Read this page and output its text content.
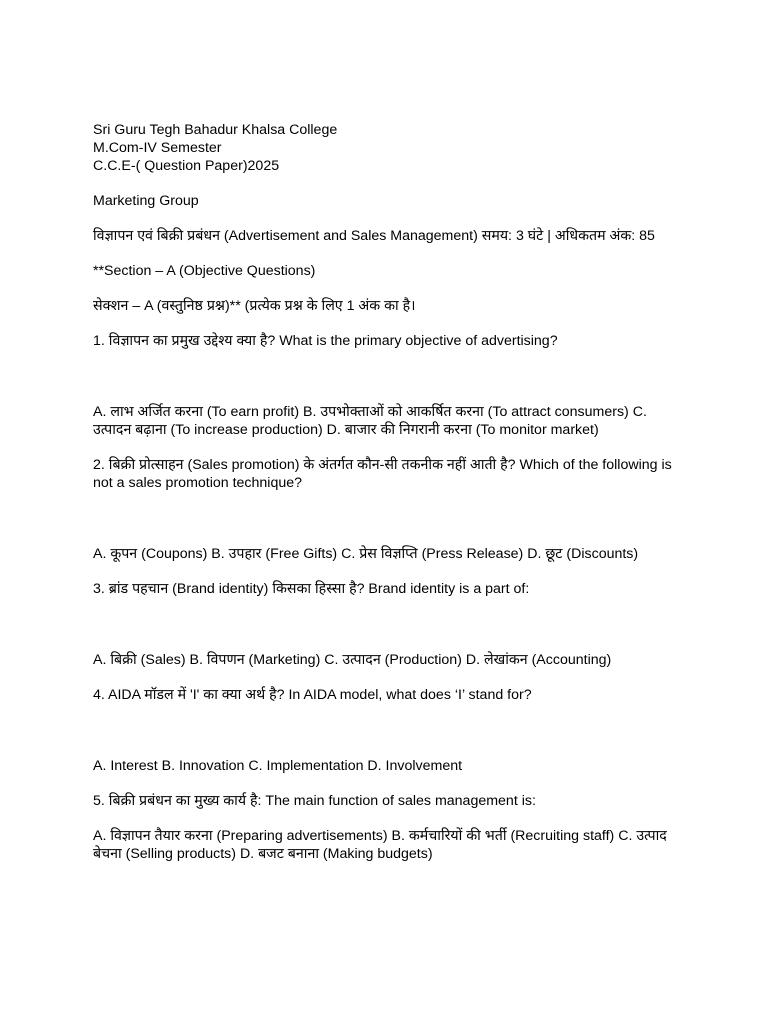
Sri Guru Tegh Bahadur Khalsa College
M.Com-IV Semester
C.C.E-( Question Paper)2025
Marketing Group

विज्ञापन एवं बिक्री प्रबंधन (Advertisement and Sales Management) समय: 3 घंटे | अधिकतम अंक: 85

**Section – A (Objective Questions)
सेक्शन – A (वस्तुनिष्ठ प्रश्न)** (प्रत्येक प्रश्न के लिए 1 अंक का है।

1. विज्ञापन का प्रमुख उद्देश्य क्या है? What is the primary objective of advertising?

A. लाभ अर्जित करना (To earn profit) B. उपभोक्ताओं को आकर्षित करना (To attract consumers) C. उत्पादन बढ़ाना (To increase production) D. बाजार की निगरानी करना (To monitor market)

2. बिक्री प्रोत्साहन (Sales promotion) के अंतर्गत कौन-सी तकनीक नहीं आती है? Which of the following is not a sales promotion technique?

A. कूपन (Coupons) B. उपहार (Free Gifts) C. प्रेस विज्ञप्ति (Press Release) D. छूट (Discounts)

3. ब्रांड पहचान (Brand identity) किसका हिस्सा है? Brand identity is a part of:

A. बिक्री (Sales) B. विपणन (Marketing) C. उत्पादन (Production) D. लेखांकन (Accounting)

4. AIDA मॉडल में 'I' का क्या अर्थ है? In AIDA model, what does ‘I’ stand for?

A. Interest B. Innovation C. Implementation D. Involvement

5. बिक्री प्रबंधन का मुख्य कार्य है: The main function of sales management is:

A. विज्ञापन तैयार करना (Preparing advertisements) B. कर्मचारियों की भर्ती (Recruiting staff) C. उत्पाद बेचना (Selling products) D. बजट बनाना (Making budgets)
